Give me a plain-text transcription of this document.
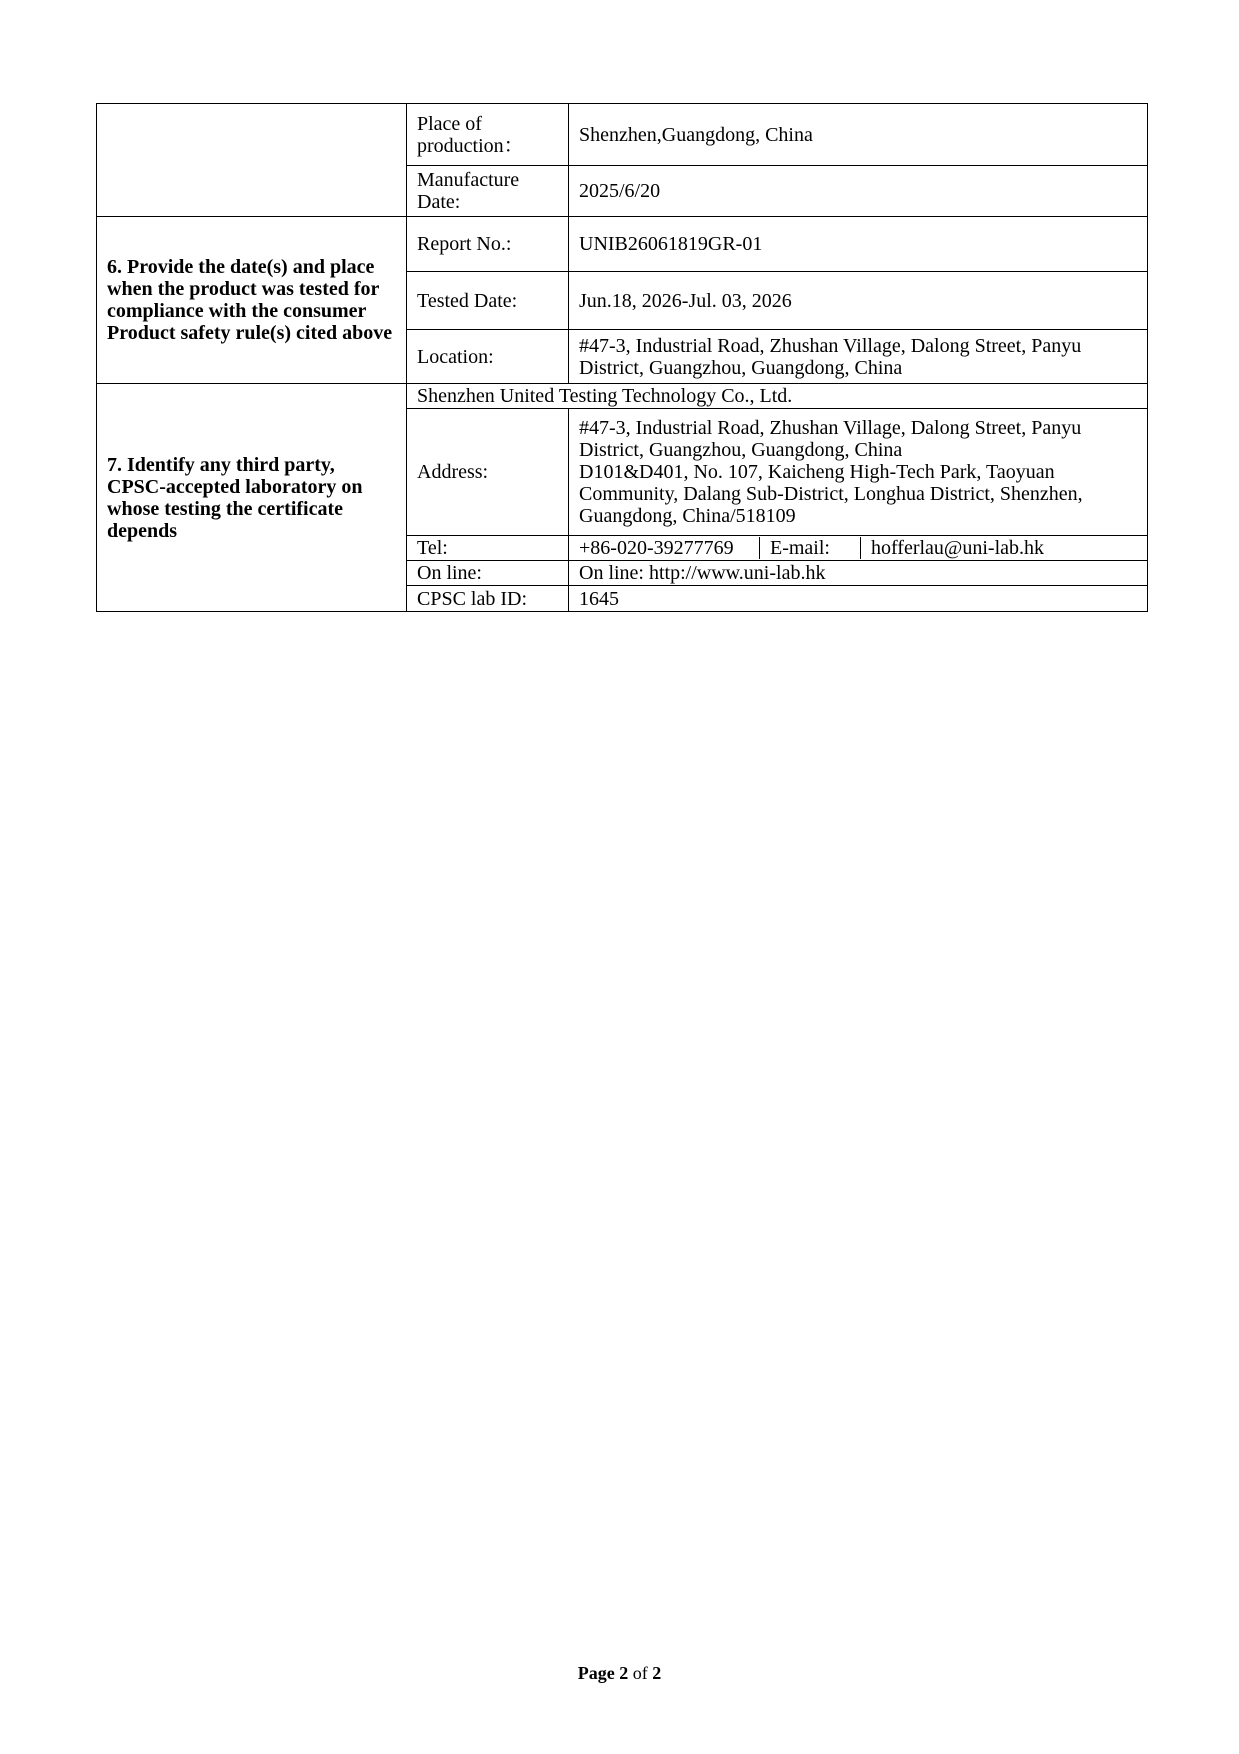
	Place of production：	Shenzhen,Guangdong, China
	Manufacture Date:	2025/6/20
6. Provide the date(s) and place when the product was tested for compliance with the consumer Product safety rule(s) cited above	Report No.:	UNIB26061819GR-01
	Tested Date:	Jun.18, 2026-Jul. 03, 2026
	Location:	#47-3, Industrial Road, Zhushan Village, Dalong Street, Panyu District, Guangzhou, Guangdong, China
7. Identify any third party, CPSC-accepted laboratory on whose testing the certificate depends	Shenzhen United Testing Technology Co., Ltd.	
	Address:	#47-3, Industrial Road, Zhushan Village, Dalong Street, Panyu District, Guangzhou, Guangdong, China
D101&D401, No. 107, Kaicheng High-Tech Park, Taoyuan Community, Dalang Sub-District, Longhua District, Shenzhen, Guangdong, China/518109

	Tel:	+86-020-39277769 E-mail: hofferlau@uni-lab.hk

	On line:	On line: http://www.uni-lab.hk
	CPSC lab ID:	1645
Page 2 of 2
